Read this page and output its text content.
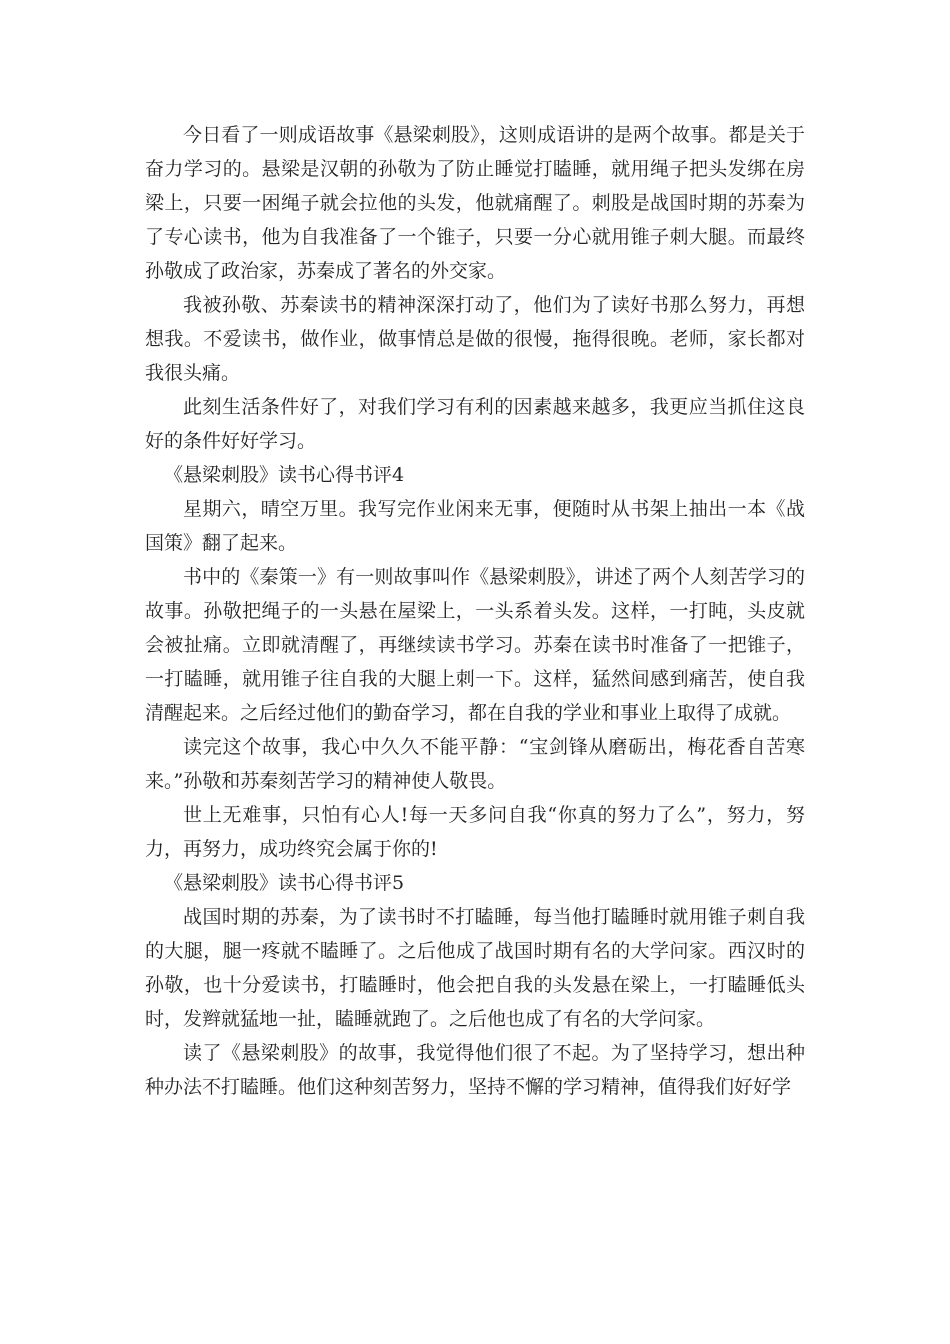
今日看了一则成语故事《悬梁刺股》，这则成语讲的是两个故事。都是关于奋力学习的。悬梁是汉朝的孙敬为了防止睡觉打瞌睡，就用绳子把头发绑在房梁上，只要一困绳子就会拉他的头发，他就痛醒了。刺股是战国时期的苏秦为了专心读书，他为自我准备了一个锥子，只要一分心就用锥子刺大腿。而最终孙敬成了政治家，苏秦成了著名的外交家。

我被孙敬、苏秦读书的精神深深打动了，他们为了读好书那么努力，再想想我。不爱读书，做作业，做事情总是做的很慢，拖得很晚。老师，家长都对我很头痛。

此刻生活条件好了，对我们学习有利的因素越来越多，我更应当抓住这良好的条件好好学习。

《悬梁刺股》读书心得书评4

星期六，晴空万里。我写完作业闲来无事，便随时从书架上抽出一本《战国策》翻了起来。

书中的《秦策一》有一则故事叫作《悬梁刺股》，讲述了两个人刻苦学习的故事。孙敬把绳子的一头悬在屋梁上，一头系着头发。这样，一打盹，头皮就会被扯痛。立即就清醒了，再继续读书学习。苏秦在读书时准备了一把锥子，一打瞌睡，就用锥子往自我的大腿上刺一下。这样，猛然间感到痛苦，使自我清醒起来。之后经过他们的勤奋学习，都在自我的学业和事业上取得了成就。

读完这个故事，我心中久久不能平静：“宝剑锋从磨砺出，梅花香自苦寒来。”孙敬和苏秦刻苦学习的精神使人敬畏。

世上无难事，只怕有心人!每一天多问自我“你真的努力了么”，努力，努力，再努力，成功终究会属于你的!

《悬梁刺股》读书心得书评5

战国时期的苏秦，为了读书时不打瞌睡，每当他打瞌睡时就用锥子刺自我的大腿，腿一疼就不瞌睡了。之后他成了战国时期有名的大学问家。西汉时的孙敬，也十分爱读书，打瞌睡时，他会把自我的头发悬在梁上，一打瞌睡低头时，发辫就猛地一扯，瞌睡就跑了。之后他也成了有名的大学问家。

读了《悬梁刺股》的故事，我觉得他们很了不起。为了坚持学习，想出种种办法不打瞌睡。他们这种刻苦努力，坚持不懈的学习精神，值得我们好好学
